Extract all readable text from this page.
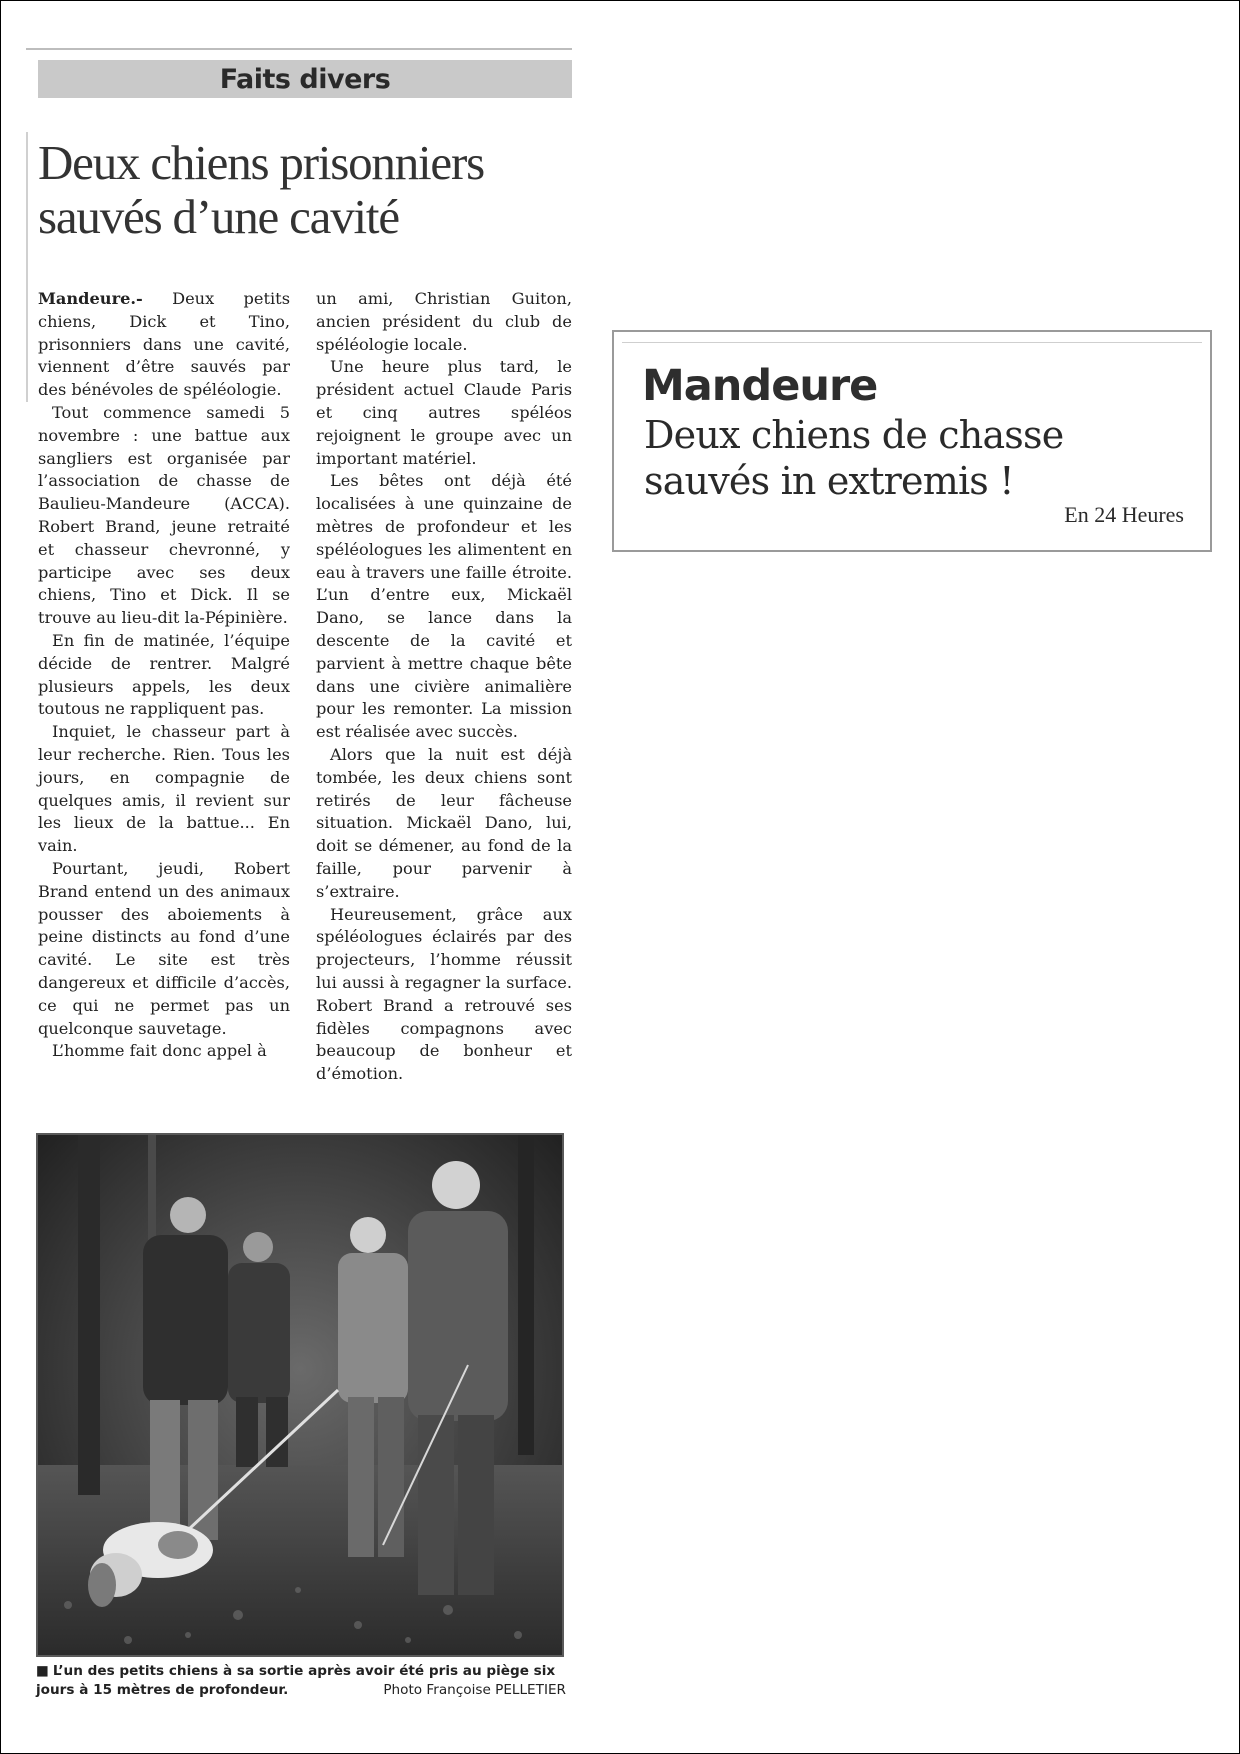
Faits divers
Deux chiens prisonniers
sauvés d’une cavité

Mandeure.- Deux petits chiens, Dick et Tino, prisonniers dans une cavité, viennent d’être sauvés par des bénévoles de spéléologie.

Tout commence samedi 5 novembre : une battue aux sangliers est organisée par l’association de chasse de Baulieu-Mandeure (ACCA). Robert Brand, jeune retraité et chasseur chevronné, y participe avec ses deux chiens, Tino et Dick. Il se trouve au lieu-dit la-Pépinière.

En fin de matinée, l’équipe décide de rentrer. Malgré plusieurs appels, les deux toutous ne rappliquent pas.

Inquiet, le chasseur part à leur recherche. Rien. Tous les jours, en compagnie de quelques amis, il revient sur les lieux de la battue... En vain.

Pourtant, jeudi, Robert Brand entend un des animaux pousser des aboiements à peine distincts au fond d’une cavité. Le site est très dangereux et difficile d’accès, ce qui ne permet pas un quelconque sauvetage.

L’homme fait donc appel à

un ami, Christian Guiton, ancien président du club de spéléologie locale.

Une heure plus tard, le président actuel Claude Paris et cinq autres spéléos rejoignent le groupe avec un important matériel.

Les bêtes ont déjà été localisées à une quinzaine de mètres de profondeur et les spéléologues les alimentent en eau à travers une faille étroite. L’un d’entre eux, Mickaël Dano, se lance dans la descente de la cavité et parvient à mettre chaque bête dans une civière animalière pour les remonter. La mission est réalisée avec succès.

Alors que la nuit est déjà tombée, les deux chiens sont retirés de leur fâcheuse situation. Mickaël Dano, lui, doit se démener, au fond de la faille, pour parvenir à s’extraire.

Heureusement, grâce aux spéléologues éclairés par des projecteurs, l’homme réussit lui aussi à regagner la surface. Robert Brand a retrouvé ses fidèles compagnons avec beaucoup de bonheur et d’émotion.

■ L’un des petits chiens à sa sortie après avoir été pris au piège six jours à 15 mètres de profondeur.	Photo Françoise PELLETIER
Mandeure
Deux chiens de chasse
sauvés in extremis !
En 24 Heures
